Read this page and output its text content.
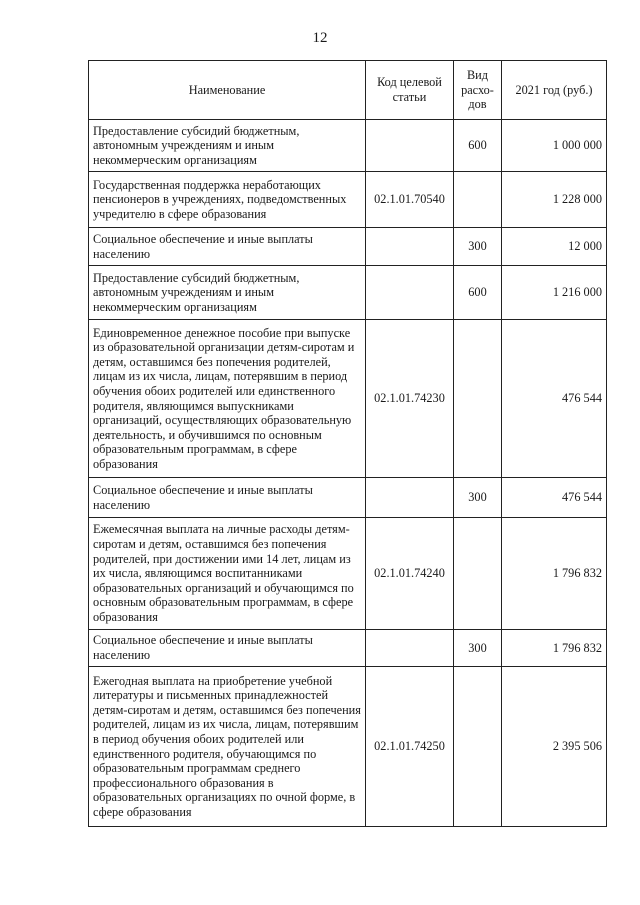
12
Наименование	Код целевой статьи	Вид расхо-дов	2021 год (руб.)
Предоставление субсидий бюджетным, автономным учреждениям и иным некоммерческим организациям		600	1 000 000
Государственная поддержка неработающих пенсионеров в учреждениях, подведомственных учредителю в сфере образования	02.1.01.70540		1 228 000
Социальное обеспечение и иные выплаты населению		300	12 000
Предоставление субсидий бюджетным, автономным учреждениям и иным некоммерческим организациям		600	1 216 000
Единовременное денежное пособие при выпуске из образовательной организации детям-сиротам и детям, оставшимся без попечения родителей, лицам из их числа, лицам, потерявшим в период обучения обоих родителей или единственного родителя, являющимся выпускниками организаций, осуществляющих образовательную деятельность, и обучившимся по основным образовательным программам, в сфере образования	02.1.01.74230		476 544
Социальное обеспечение и иные выплаты населению		300	476 544
Ежемесячная выплата на личные расходы детям-сиротам и детям, оставшимся без попечения родителей, при достижении ими 14 лет, лицам из их числа, являющимся воспитанниками образовательных организаций и обучающимся по основным образовательным программам, в сфере образования	02.1.01.74240		1 796 832
Социальное обеспечение и иные выплаты населению		300	1 796 832
Ежегодная выплата на приобретение учебной литературы и письменных принадлежностей детям-сиротам и детям, оставшимся без попечения родителей, лицам из их числа, лицам, потерявшим в период обучения обоих родителей или единственного родителя, обучающимся по образовательным программам среднего профессионального образования в образовательных организациях по очной форме, в сфере образования	02.1.01.74250		2 395 506
